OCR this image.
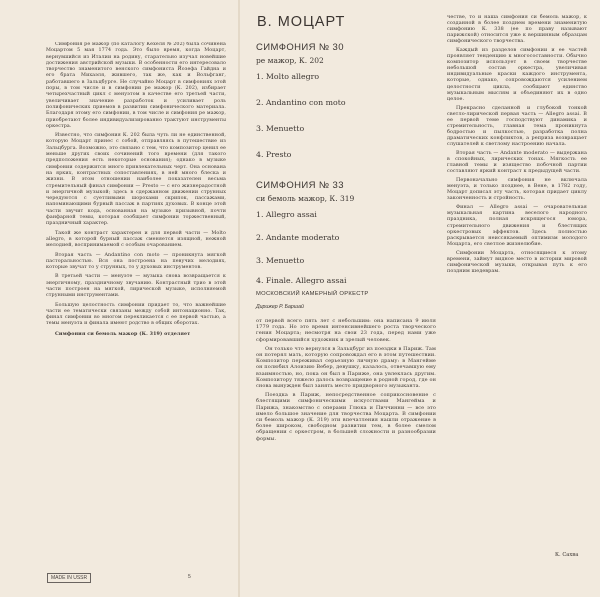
Симфония ре мажор (по каталогу Кёхеля № 202) была сочинена Моцартом 5 мая 1774 года. Это было время, когда Моцарт, вернувшийся из Италии на родину, старательно изучал новейшие достижения австрийской музыки. В особенности его интересовало творчество знаменитого венского симфониста Йозефа Гайдна и его брата Михаэля, жившего, так же, как и Вольфганг, работавшего в Зальцбурге. Не случайно Моцарт в симфониях этой поры, в том числе и в симфонии ре мажор (К. 202), избирает четырехчастный цикл с менуэтом в качестве его третьей части, увеличивает значение разработок и усиливает роль полифонических приемов в развитии симфонического материала. Благодаря этому его симфонии, в том числе и симфония ре мажор, приобретают более индивидуализированно трактуют инструменты оркестра.

Известно, что симфония К. 202 была чуть ли не единственной, которую Моцарт принес с собой, отправляясь в путешествие из Зальцбурга. Возможно, это связано с тем, что композитор ценил ее меньше других своих сочинений того времени (для такого предположения есть некоторые основания); однако в музыке симфонии содержится много привлекательных черт. Она основана на ярких, контрастных сопоставлениях, в ней много блеска и жизни. В этом отношении наиболее показателен весьма стремительный финал симфонии — Presto — с его жизнерадостной и энергичной музыкой; здесь в сдержанном движении струнных чередуются с суетливыми шорохами скрипок, пассажами, напоминающими бурный пассаж в партиях духовых. В конце этой части звучит кода, основанная на музыке призывной, почти фанфарной темы, которая сообщает симфонии торжественный, праздничный характер.

Такой же контраст характерен и для первой части — Molto allegro, в которой бурный пассаж сменяется изящной, нежной мелодией, воспринимаемой с особым очарованием.

Вторая часть — Andantino con moto — проникнута мягкой пасторальностью. Вся она построена на певучих мелодиях, которые звучат то у струнных, то у духовых инструментов.

В третьей части — менуэте — музыка снова возвращается к энергичному, праздничному звучанию. Контрастный трио в этой части построен на мягкой, лирической музыке, исполняемой струнными инструментами.

Большую целостность симфонии придает то, что важнейшие части ее тематически связаны между собой интонационно. Так, финал симфонии во многом перекликается с ее первой частью, а темы менуэта и финала имеют родство в общих оборотах.

Симфония си бемоль мажор (К. 319) отделяет

MADE IN USSR	5
В. МОЦАРТ
СИМФОНИЯ № 30
ре мажор, К. 202
1. Molto allegro
2. Andantino con moto
3. Menuetto
4. Presto
СИМФОНИЯ № 33
си бемоль мажор, К. 319
1. Allegro assai
2. Andante moderato
3. Menuetto
4. Finale. Allegro assai
МОСКОВСКИЙ КАМЕРНЫЙ ОРКЕСТР
Дирижер Р. Баршай

от первой всего пять лет с небольшим: она написана 9 июля 1779 года. Но это время интенсивнейшего роста творческого гения Моцарта; несмотря на свои 23 года, перед нами уже сформировавшийся художник и зрелый человек.

Он только что вернулся в Зальцбург из поездки в Париж. Там он потерял мать, которую сопровождал его в этом путешествии. Композитор переживал серьезную личную драму: в Мангейме он полюбил Алоизию Вебер, девушку, казалось, отвечавшую ему взаимностью, но, пока он был в Париже, она увлеклась другим. Композитору тяжело далось возвращение в родной город, где он снова вынужден был занять место придворного музыканта.

Поездка в Париж, непосредственное соприкосновение с блестящими симфоническими искусствами Мангейма и Парижа, знакомство с операми Глюка и Пиччинни — все это имело большое значение для творчества Моцарта. В симфонии си бемоль мажор (К. 319) эти впечатления нашли отражение в более широком, свободном развитии тем, в более смелом обращении с оркестром, в большей сложности и разнообразии формы.

честве, то и наша симфония си бемоль мажор, к созданной в более позднем времени знаменитую симфонию К. 338 (ее по праву называют парижской) относится уже к вершинным образцам симфонического творчества.

Каждый из разделов симфонии и ее частей проявляет тенденцию к многосоставности. Обычно композитор использует в своем творчестве небольшой состав оркестра, увеличивая индивидуальные краски каждого инструмента, которые, однако, сопровождаются усилением целостности цикла, сообщают единство музыкальным мыслям и объединяют их в одно целое.

Прекрасно сделанной и глубокой тонкой светло-лирической первая часть — Allegro assai. В ее первой теме господствуют динамика и стремительность, главная тема проникнута бодростью и пылкостью, разработка полна драматических конфликтов, а реприза возвращает слушателей к светлому настроению начала.

Вторая часть — Andante moderato — выдержана в спокойных, лирических тонах. Мягкость ее главной темы и изящество побочной партии составляют яркий контраст к предыдущей части.

Первоначально симфония не включала менуэта, и только позднее, в Вене, в 1782 году, Моцарт дописал эту часть, которая придает циклу законченность и стройность.

Финал — Allegro assai — очаровательная музыкальная картина веселого народного праздника, полная искрящегося юмора, стремительного движения и блестящих оркестровых эффектов. Здесь полностью раскрывается неиссякаемый оптимизм молодого Моцарта, его светлое жизнелюбие.

Симфонии Моцарта, относящиеся к этому времени, займут видное место в истории мировой симфонической музыки, открывая путь к его поздним шедеврам.

К. Сахва
